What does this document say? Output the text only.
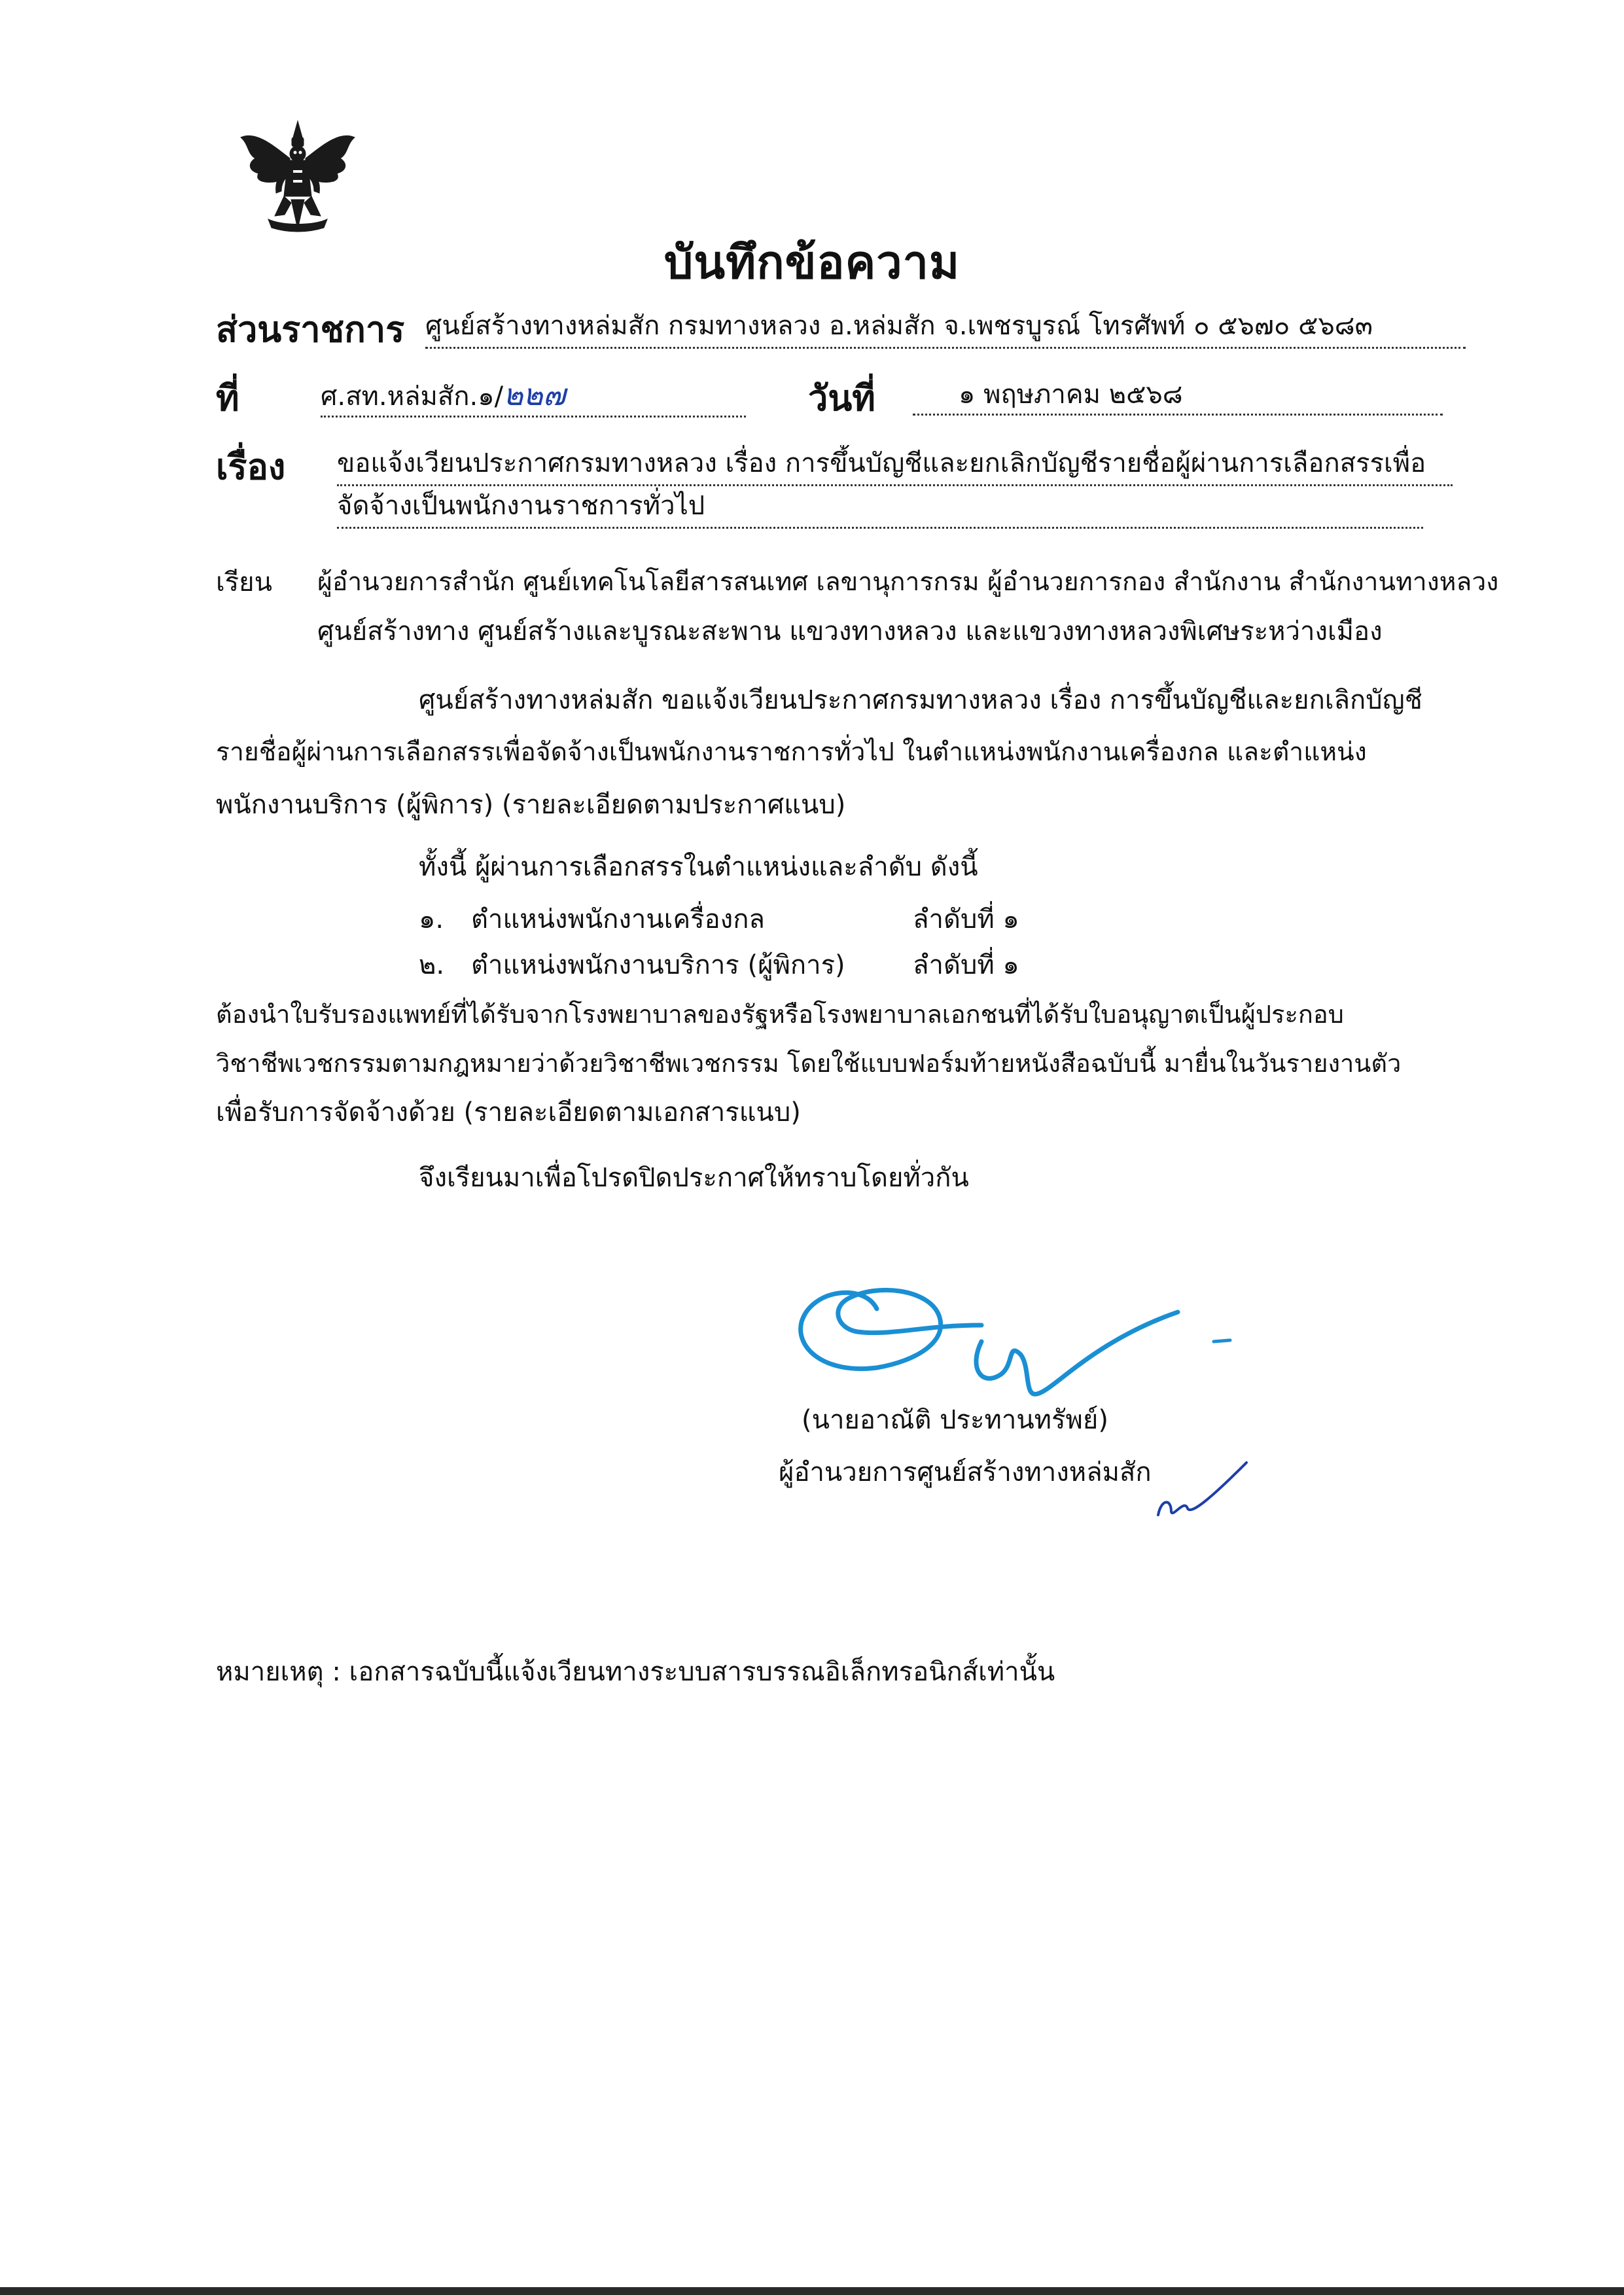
บันทึกข้อความ
ส่วนราชการ ศูนย์สร้างทางหล่มสัก กรมทางหลวง อ.หล่มสัก จ.เพชรบูรณ์ โทรศัพท์ ๐ ๕๖๗๐ ๕๖๘๓
ที่	ศ.สท.หล่มสัก.๑/๒๒๗	วันที่	๑ พฤษภาคม ๒๕๖๘
เรื่อง ขอแจ้งเวียนประกาศกรมทางหลวง เรื่อง การขึ้นบัญชีและยกเลิกบัญชีรายชื่อผู้ผ่านการเลือกสรรเพื่อ
จัดจ้างเป็นพนักงานราชการทั่วไป
เรียน ผู้อำนวยการสำนัก ศูนย์เทคโนโลยีสารสนเทศ เลขานุการกรม ผู้อำนวยการกอง สำนักงาน สำนักงานทางหลวง
ศูนย์สร้างทาง ศูนย์สร้างและบูรณะสะพาน แขวงทางหลวง และแขวงทางหลวงพิเศษระหว่างเมือง
ศูนย์สร้างทางหล่มสัก ขอแจ้งเวียนประกาศกรมทางหลวง เรื่อง การขึ้นบัญชีและยกเลิกบัญชี
รายชื่อผู้ผ่านการเลือกสรรเพื่อจัดจ้างเป็นพนักงานราชการทั่วไป ในตำแหน่งพนักงานเครื่องกล และตำแหน่ง
พนักงานบริการ (ผู้พิการ) (รายละเอียดตามประกาศแนบ)
ทั้งนี้ ผู้ผ่านการเลือกสรรในตำแหน่งและลำดับ ดังนี้
๑. ตำแหน่งพนักงานเครื่องกล	ลำดับที่ ๑
๒. ตำแหน่งพนักงานบริการ (ผู้พิการ)	ลำดับที่ ๑
ต้องนำใบรับรองแพทย์ที่ได้รับจากโรงพยาบาลของรัฐหรือโรงพยาบาลเอกชนที่ได้รับใบอนุญาตเป็นผู้ประกอบ
วิชาชีพเวชกรรมตามกฎหมายว่าด้วยวิชาชีพเวชกรรม โดยใช้แบบฟอร์มท้ายหนังสือฉบับนี้ มายื่นในวันรายงานตัว
เพื่อรับการจัดจ้างด้วย (รายละเอียดตามเอกสารแนบ)
จึงเรียนมาเพื่อโปรดปิดประกาศให้ทราบโดยทั่วกัน
(นายอาณัติ ประทานทรัพย์)
ผู้อำนวยการศูนย์สร้างทางหล่มสัก
หมายเหตุ : เอกสารฉบับนี้แจ้งเวียนทางระบบสารบรรณอิเล็กทรอนิกส์เท่านั้น
